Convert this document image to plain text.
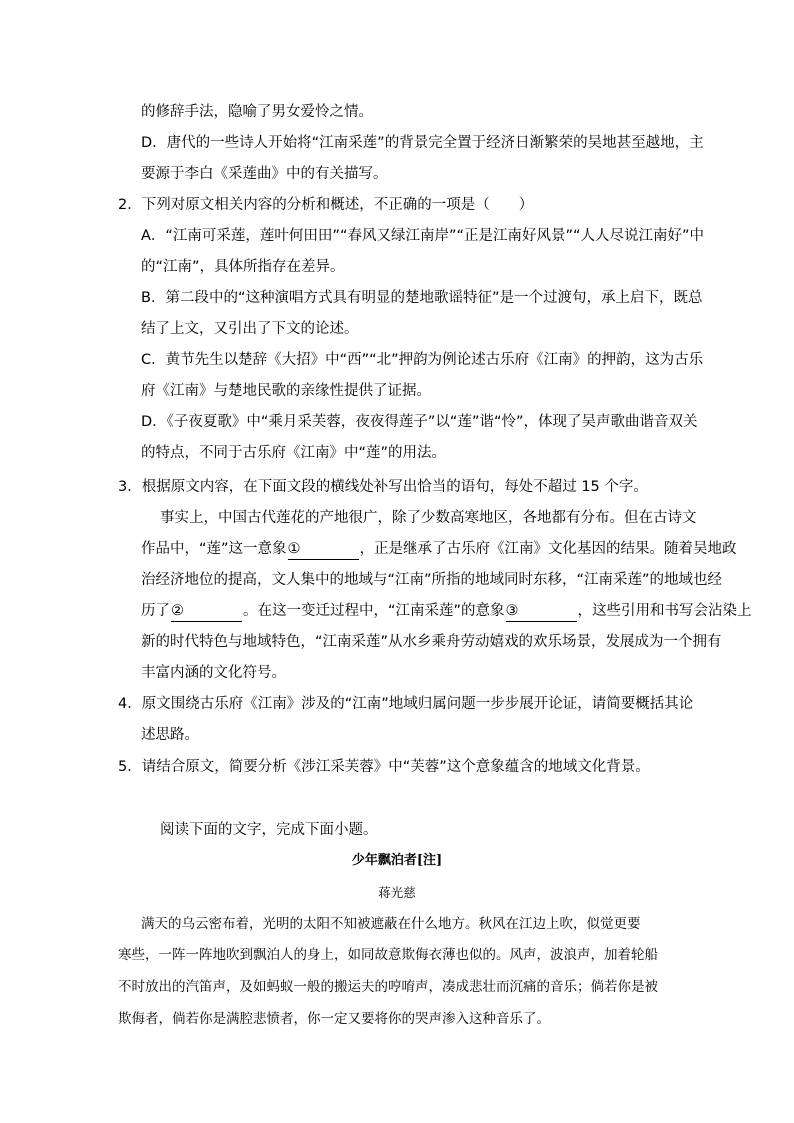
的修辞手法，隐喻了男女爱怜之情。
D．唐代的一些诗人开始将“江南采莲”的背景完全置于经济日渐繁荣的吴地甚至越地，主
要源于李白《采莲曲》中的有关描写。
2．下列对原文相关内容的分析和概述，不正确的一项是（　　）
A．“江南可采莲，莲叶何田田”“春风又绿江南岸”“正是江南好风景”“人人尽说江南好”中
的“江南”，具体所指存在差异。
B．第二段中的“这种演唱方式具有明显的楚地歌谣特征”是一个过渡句，承上启下，既总
结了上文，又引出了下文的论述。
C．黄节先生以楚辞《大招》中“西”“北”押韵为例论述古乐府《江南》的押韵，这为古乐
府《江南》与楚地民歌的亲缘性提供了证据。
D．《子夜夏歌》中“乘月采芙蓉，夜夜得莲子”以“莲”谐“怜”，体现了吴声歌曲谐音双关
的特点，不同于古乐府《江南》中“莲”的用法。
3．根据原文内容，在下面文段的横线处补写出恰当的语句，每处不超过 15 个字。
事实上，中国古代莲花的产地很广，除了少数高寒地区，各地都有分布。但在古诗文
作品中，“莲”这一意象①    	，正是继承了古乐府《江南》文化基因的结果。随着吴地政
治经济地位的提高，文人集中的地域与“江南”所指的地域同时东移，“江南采莲”的地域也经
历了②    	。在这一变迁过程中，“江南采莲”的意象③    	，这些引用和书写会沾染上
新的时代特色与地域特色，“江南采莲”从水乡乘舟劳动嬉戏的欢乐场景，发展成为一个拥有
丰富内涵的文化符号。
4．原文围绕古乐府《江南》涉及的“江南”地域归属问题一步步展开论证，请简要概括其论
述思路。
5．请结合原文，简要分析《涉江采芙蓉》中“芙蓉”这个意象蕴含的地域文化背景。
阅读下面的文字，完成下面小题。
少年飘泊者[注]
蒋光慈
满天的乌云密布着，光明的太阳不知被遮蔽在什么地方。秋风在江边上吹，似觉更要
寒些，一阵一阵地吹到飘泊人的身上，如同故意欺侮衣薄也似的。风声，波浪声，加着轮船
不时放出的汽笛声，及如蚂蚁一般的搬运夫的哼唷声，凑成悲壮而沉痛的音乐；倘若你是被
欺侮者，倘若你是满腔悲愤者，你一定又要将你的哭声渗入这种音乐了。
